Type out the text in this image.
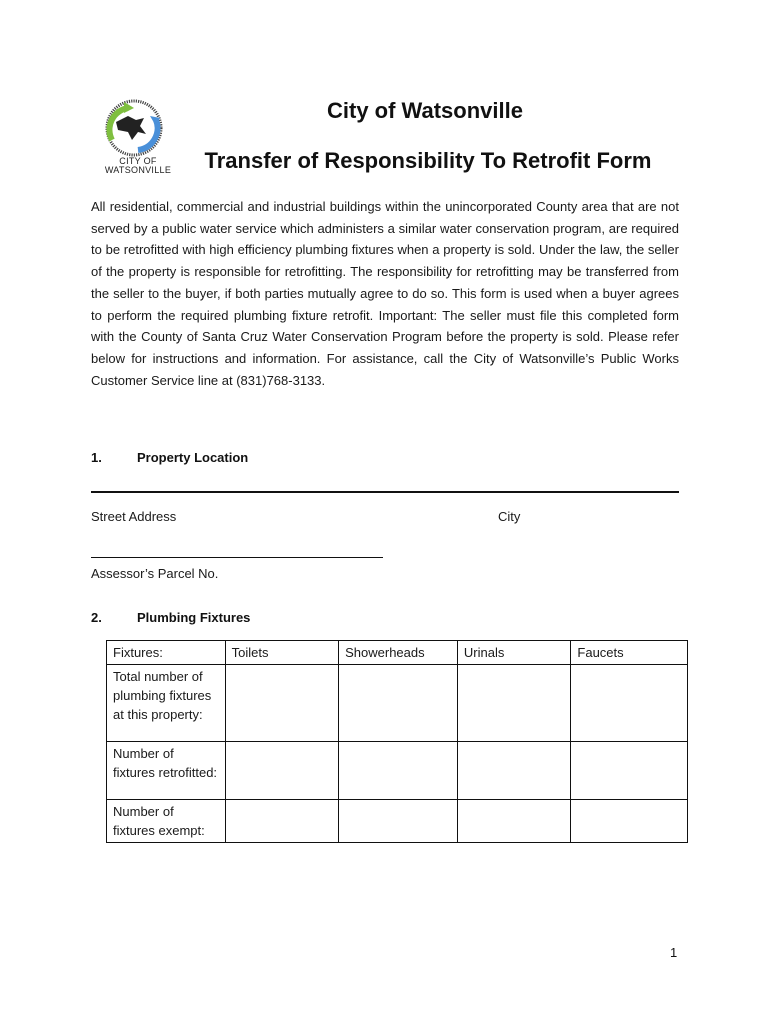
CITY OF
WATSONVILLE
City of Watsonville
Transfer of Responsibility To Retrofit Form
All residential, commercial and industrial buildings within the unincorporated County area that are not served by a public water service which administers a similar water conservation program, are required to be retrofitted with high efficiency plumbing fixtures when a property is sold. Under the law, the seller of the property is responsible for retrofitting. The responsibility for retrofitting may be transferred from the seller to the buyer, if both parties mutually agree to do so. This form is used when a buyer agrees to perform the required plumbing fixture retrofit. Important: The seller must file this completed form with the County of Santa Cruz Water Conservation Program before the property is sold. Please refer below for instructions and information. For assistance, call the City of Watsonville’s Public Works Customer Service line at (831)768-3133.
1.	Property Location
Street Address	City
Assessor’s Parcel No.
2.	Plumbing Fixtures
Fixtures:	Toilets	Showerheads	Urinals	Faucets
Total number of plumbing fixtures at this property:				
Number of fixtures retrofitted:				
Number of fixtures exempt:				
1
